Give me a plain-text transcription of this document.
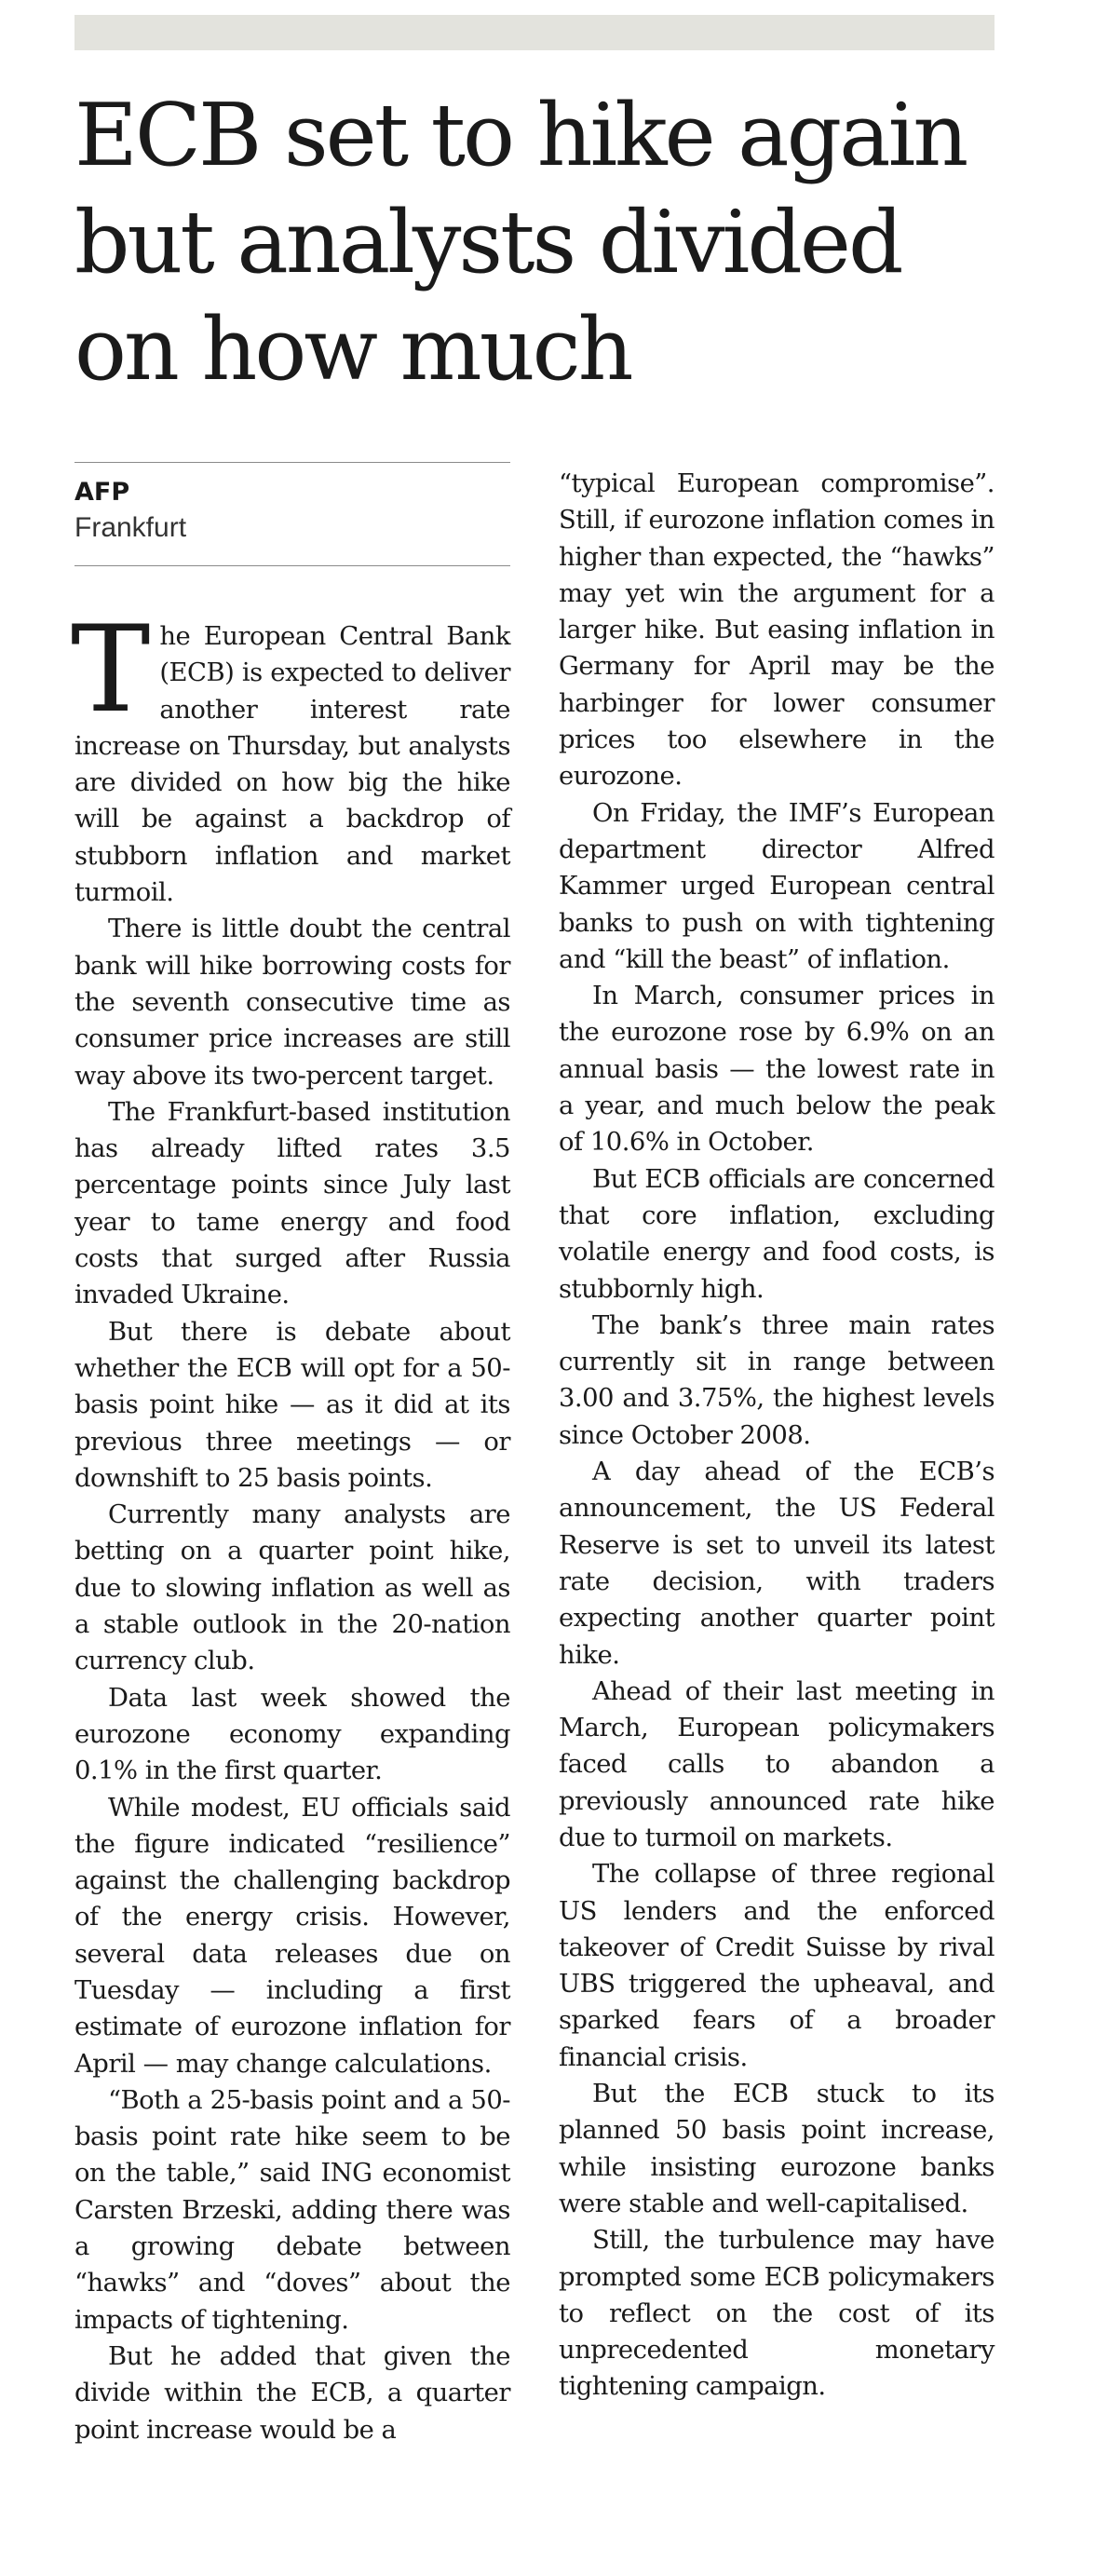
ECB set to hike again
but analysts divided
on how much
AFP
Frankfurt

The European Central Bank (ECB) is expected to deliver another interest rate increase on Thursday, but analysts are divided on how big the hike will be against a backdrop of stubborn inflation and market turmoil.

There is little doubt the central bank will hike borrowing costs for the seventh consecutive time as consumer price increases are still way above its two-percent target.

The Frankfurt-based institution has already lifted rates 3.5 percentage points since July last year to tame energy and food costs that surged after Russia invaded Ukraine.

But there is debate about whether the ECB will opt for a 50-basis point hike — as it did at its previous three meetings — or downshift to 25 basis points.

Currently many analysts are betting on a quarter point hike, due to slowing inflation as well as a stable outlook in the 20-nation currency club.

Data last week showed the eurozone economy expanding 0.1% in the first quarter.

While modest, EU officials said the figure indicated “resilience” against the challenging backdrop of the energy crisis. However, several data releases due on Tuesday — including a first estimate of eurozone inflation for April — may change calculations.

“Both a 25-basis point and a 50-basis point rate hike seem to be on the table,” said ING economist Carsten Brzeski, adding there was a growing debate between “hawks” and “doves” about the impacts of tightening.

But he added that given the divide within the ECB, a quarter point increase would be a

“typical European compromise”. Still, if eurozone inflation comes in higher than expected, the “hawks” may yet win the argument for a larger hike. But easing inflation in Germany for April may be the harbinger for lower consumer prices too elsewhere in the eurozone.

On Friday, the IMF’s European department director Alfred Kammer urged European central banks to push on with tightening and “kill the beast” of inflation.

In March, consumer prices in the eurozone rose by 6.9% on an annual basis — the lowest rate in a year, and much below the peak of 10.6% in October.

But ECB officials are concerned that core inflation, excluding volatile energy and food costs, is stubbornly high.

The bank’s three main rates currently sit in range between 3.00 and 3.75%, the highest levels since October 2008.

A day ahead of the ECB’s announcement, the US Federal Reserve is set to unveil its latest rate decision, with traders expecting another quarter point hike.

Ahead of their last meeting in March, European policymakers faced calls to abandon a previously announced rate hike due to turmoil on markets.

The collapse of three regional US lenders and the enforced takeover of Credit Suisse by rival UBS triggered the upheaval, and sparked fears of a broader financial crisis.

But the ECB stuck to its planned 50 basis point increase, while insisting eurozone banks were stable and well-capitalised.

Still, the turbulence may have prompted some ECB policymakers to reflect on the cost of its unprecedented monetary tightening campaign.
